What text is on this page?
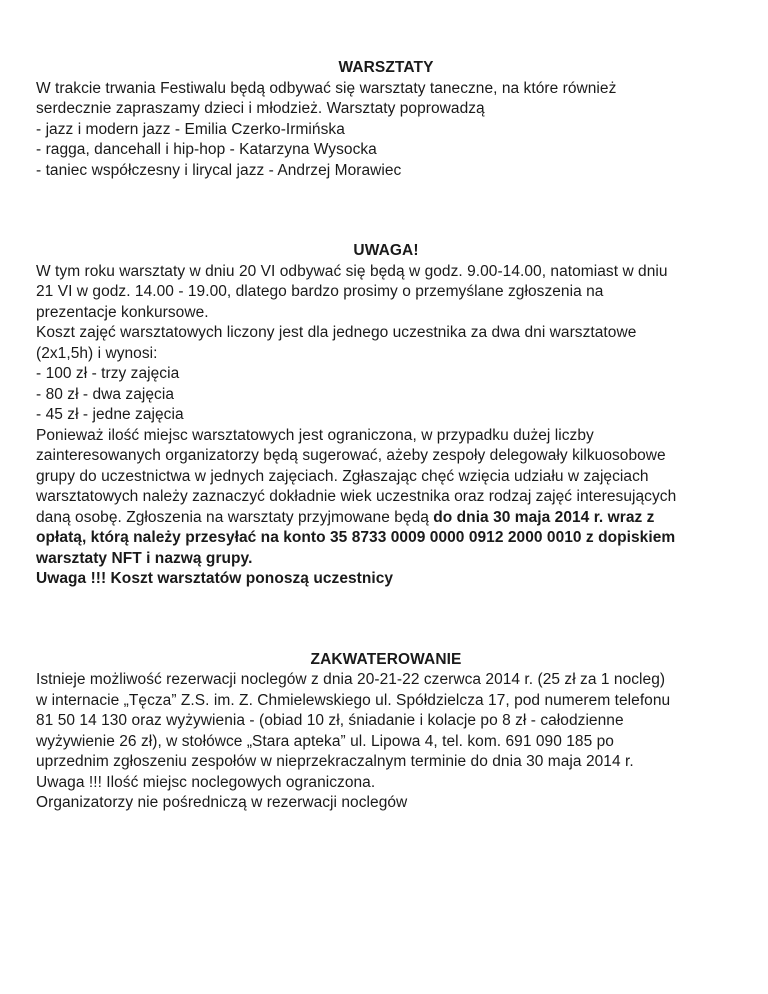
WARSZTATY

W trakcie trwania Festiwalu będą odbywać się warsztaty taneczne, na które również

serdecznie zapraszamy dzieci i młodzież. Warsztaty poprowadzą

- jazz i modern jazz - Emilia Czerko-Irmińska

- ragga, dancehall i hip-hop - Katarzyna Wysocka

- taniec współczesny i lirycal jazz - Andrzej Morawiec

UWAGA!

W tym roku warsztaty w dniu 20 VI odbywać się będą w godz. 9.00-14.00, natomiast w dniu

21 VI w godz. 14.00 - 19.00, dlatego bardzo prosimy o przemyślane zgłoszenia na

prezentacje konkursowe.

Koszt zajęć warsztatowych liczony jest dla jednego uczestnika za dwa dni warsztatowe

(2x1,5h) i wynosi:

- 100 zł - trzy zajęcia

- 80 zł - dwa zajęcia

- 45 zł - jedne zajęcia

Ponieważ ilość miejsc warsztatowych jest ograniczona, w przypadku dużej liczby

zainteresowanych organizatorzy będą sugerować, ażeby zespoły delegowały kilkuosobowe

grupy do uczestnictwa w jednych zajęciach. Zgłaszając chęć wzięcia udziału w zajęciach

warsztatowych należy zaznaczyć dokładnie wiek uczestnika oraz rodzaj zajęć interesujących

daną osobę. Zgłoszenia na warsztaty przyjmowane będą do dnia 30 maja 2014 r. wraz z

opłatą, którą należy przesyłać na konto 35 8733 0009 0000 0912 2000 0010 z dopiskiem

warsztaty NFT i nazwą grupy.

Uwaga !!! Koszt warsztatów ponoszą uczestnicy

ZAKWATEROWANIE

Istnieje możliwość rezerwacji noclegów z dnia 20-21-22 czerwca 2014 r. (25 zł za 1 nocleg)

w internacie „Tęcza” Z.S. im. Z. Chmielewskiego ul. Spółdzielcza 17, pod numerem telefonu

81 50 14 130 oraz wyżywienia - (obiad 10 zł, śniadanie i kolacje po 8 zł - całodzienne

wyżywienie 26 zł), w stołówce „Stara apteka” ul. Lipowa 4, tel. kom. 691 090 185 po

uprzednim zgłoszeniu zespołów w nieprzekraczalnym terminie do dnia 30 maja 2014 r.

Uwaga !!! Ilość miejsc noclegowych ograniczona.

Organizatorzy nie pośredniczą w rezerwacji noclegów
